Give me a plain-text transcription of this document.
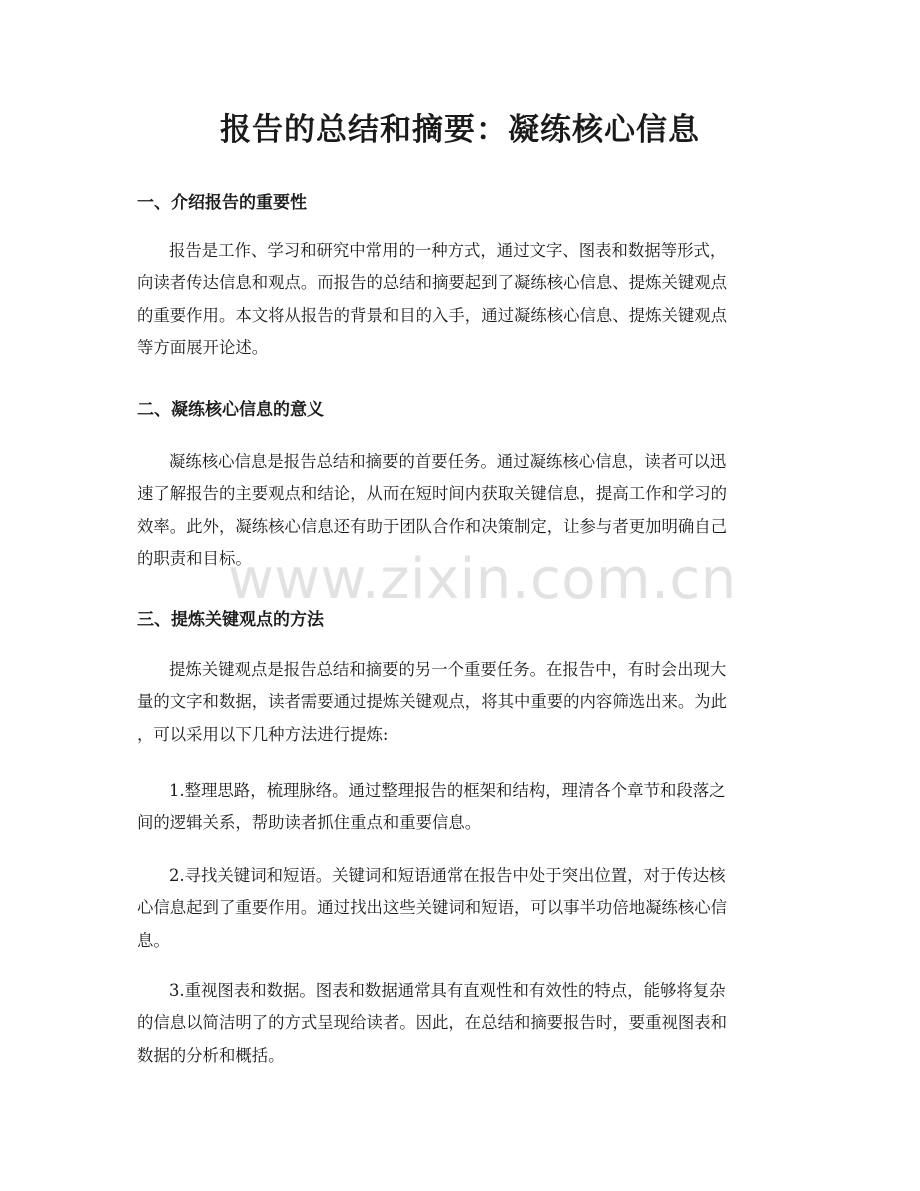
报告的总结和摘要：凝练核心信息
一、介绍报告的重要性

报告是工作、学习和研究中常用的一种方式，通过文字、图表和数据等形式，
向读者传达信息和观点。而报告的总结和摘要起到了凝练核心信息、提炼关键观点
的重要作用。本文将从报告的背景和目的入手，通过凝练核心信息、提炼关键观点
等方面展开论述。

二、凝练核心信息的意义

凝练核心信息是报告总结和摘要的首要任务。通过凝练核心信息，读者可以迅
速了解报告的主要观点和结论，从而在短时间内获取关键信息，提高工作和学习的
效率。此外，凝练核心信息还有助于团队合作和决策制定，让参与者更加明确自己
的职责和目标。

三、提炼关键观点的方法

提炼关键观点是报告总结和摘要的另一个重要任务。在报告中，有时会出现大
量的文字和数据，读者需要通过提炼关键观点，将其中重要的内容筛选出来。为此
，可以采用以下几种方法进行提炼:

1.整理思路，梳理脉络。通过整理报告的框架和结构，理清各个章节和段落之
间的逻辑关系，帮助读者抓住重点和重要信息。

2.寻找关键词和短语。关键词和短语通常在报告中处于突出位置，对于传达核
心信息起到了重要作用。通过找出这些关键词和短语，可以事半功倍地凝练核心信
息。

3.重视图表和数据。图表和数据通常具有直观性和有效性的特点，能够将复杂
的信息以简洁明了的方式呈现给读者。因此，在总结和摘要报告时，要重视图表和
数据的分析和概括。

www.zixin.com.cn
